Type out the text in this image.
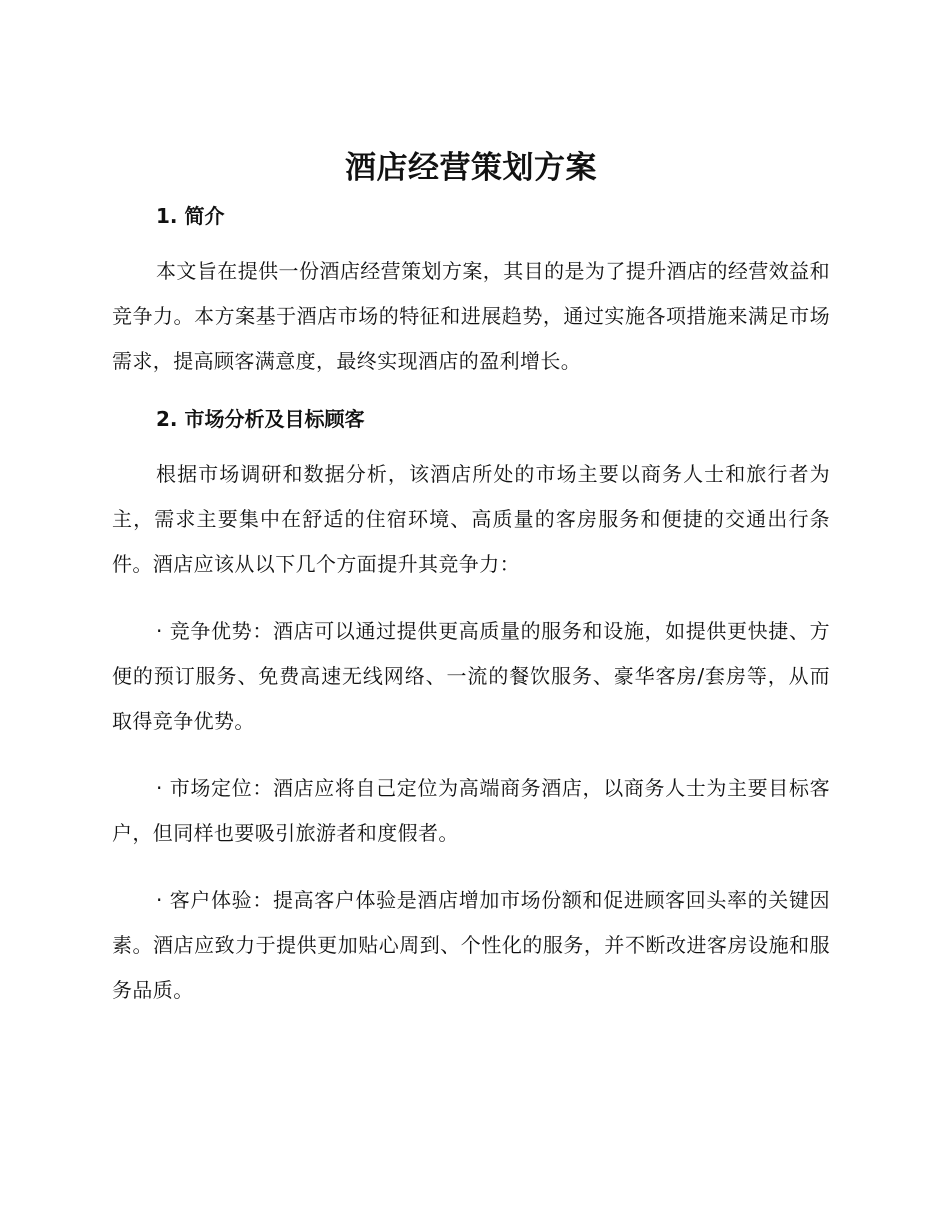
酒店经营策划方案
1. 简介

本文旨在提供一份酒店经营策划方案，其目的是为了提升酒店的经营效益和竞争力。本方案基于酒店市场的特征和进展趋势，通过实施各项措施来满足市场需求，提高顾客满意度，最终实现酒店的盈利增长。

2. 市场分析及目标顾客

根据市场调研和数据分析，该酒店所处的市场主要以商务人士和旅行者为主，需求主要集中在舒适的住宿环境、高质量的客房服务和便捷的交通出行条件。酒店应该从以下几个方面提升其竞争力：

· 竞争优势：酒店可以通过提供更高质量的服务和设施，如提供更快捷、方便的预订服务、免费高速无线网络、一流的餐饮服务、豪华客房/套房等，从而取得竞争优势。

· 市场定位：酒店应将自己定位为高端商务酒店，以商务人士为主要目标客户，但同样也要吸引旅游者和度假者。

· 客户体验：提高客户体验是酒店增加市场份额和促进顾客回头率的关键因素。酒店应致力于提供更加贴心周到、个性化的服务，并不断改进客房设施和服务品质。
